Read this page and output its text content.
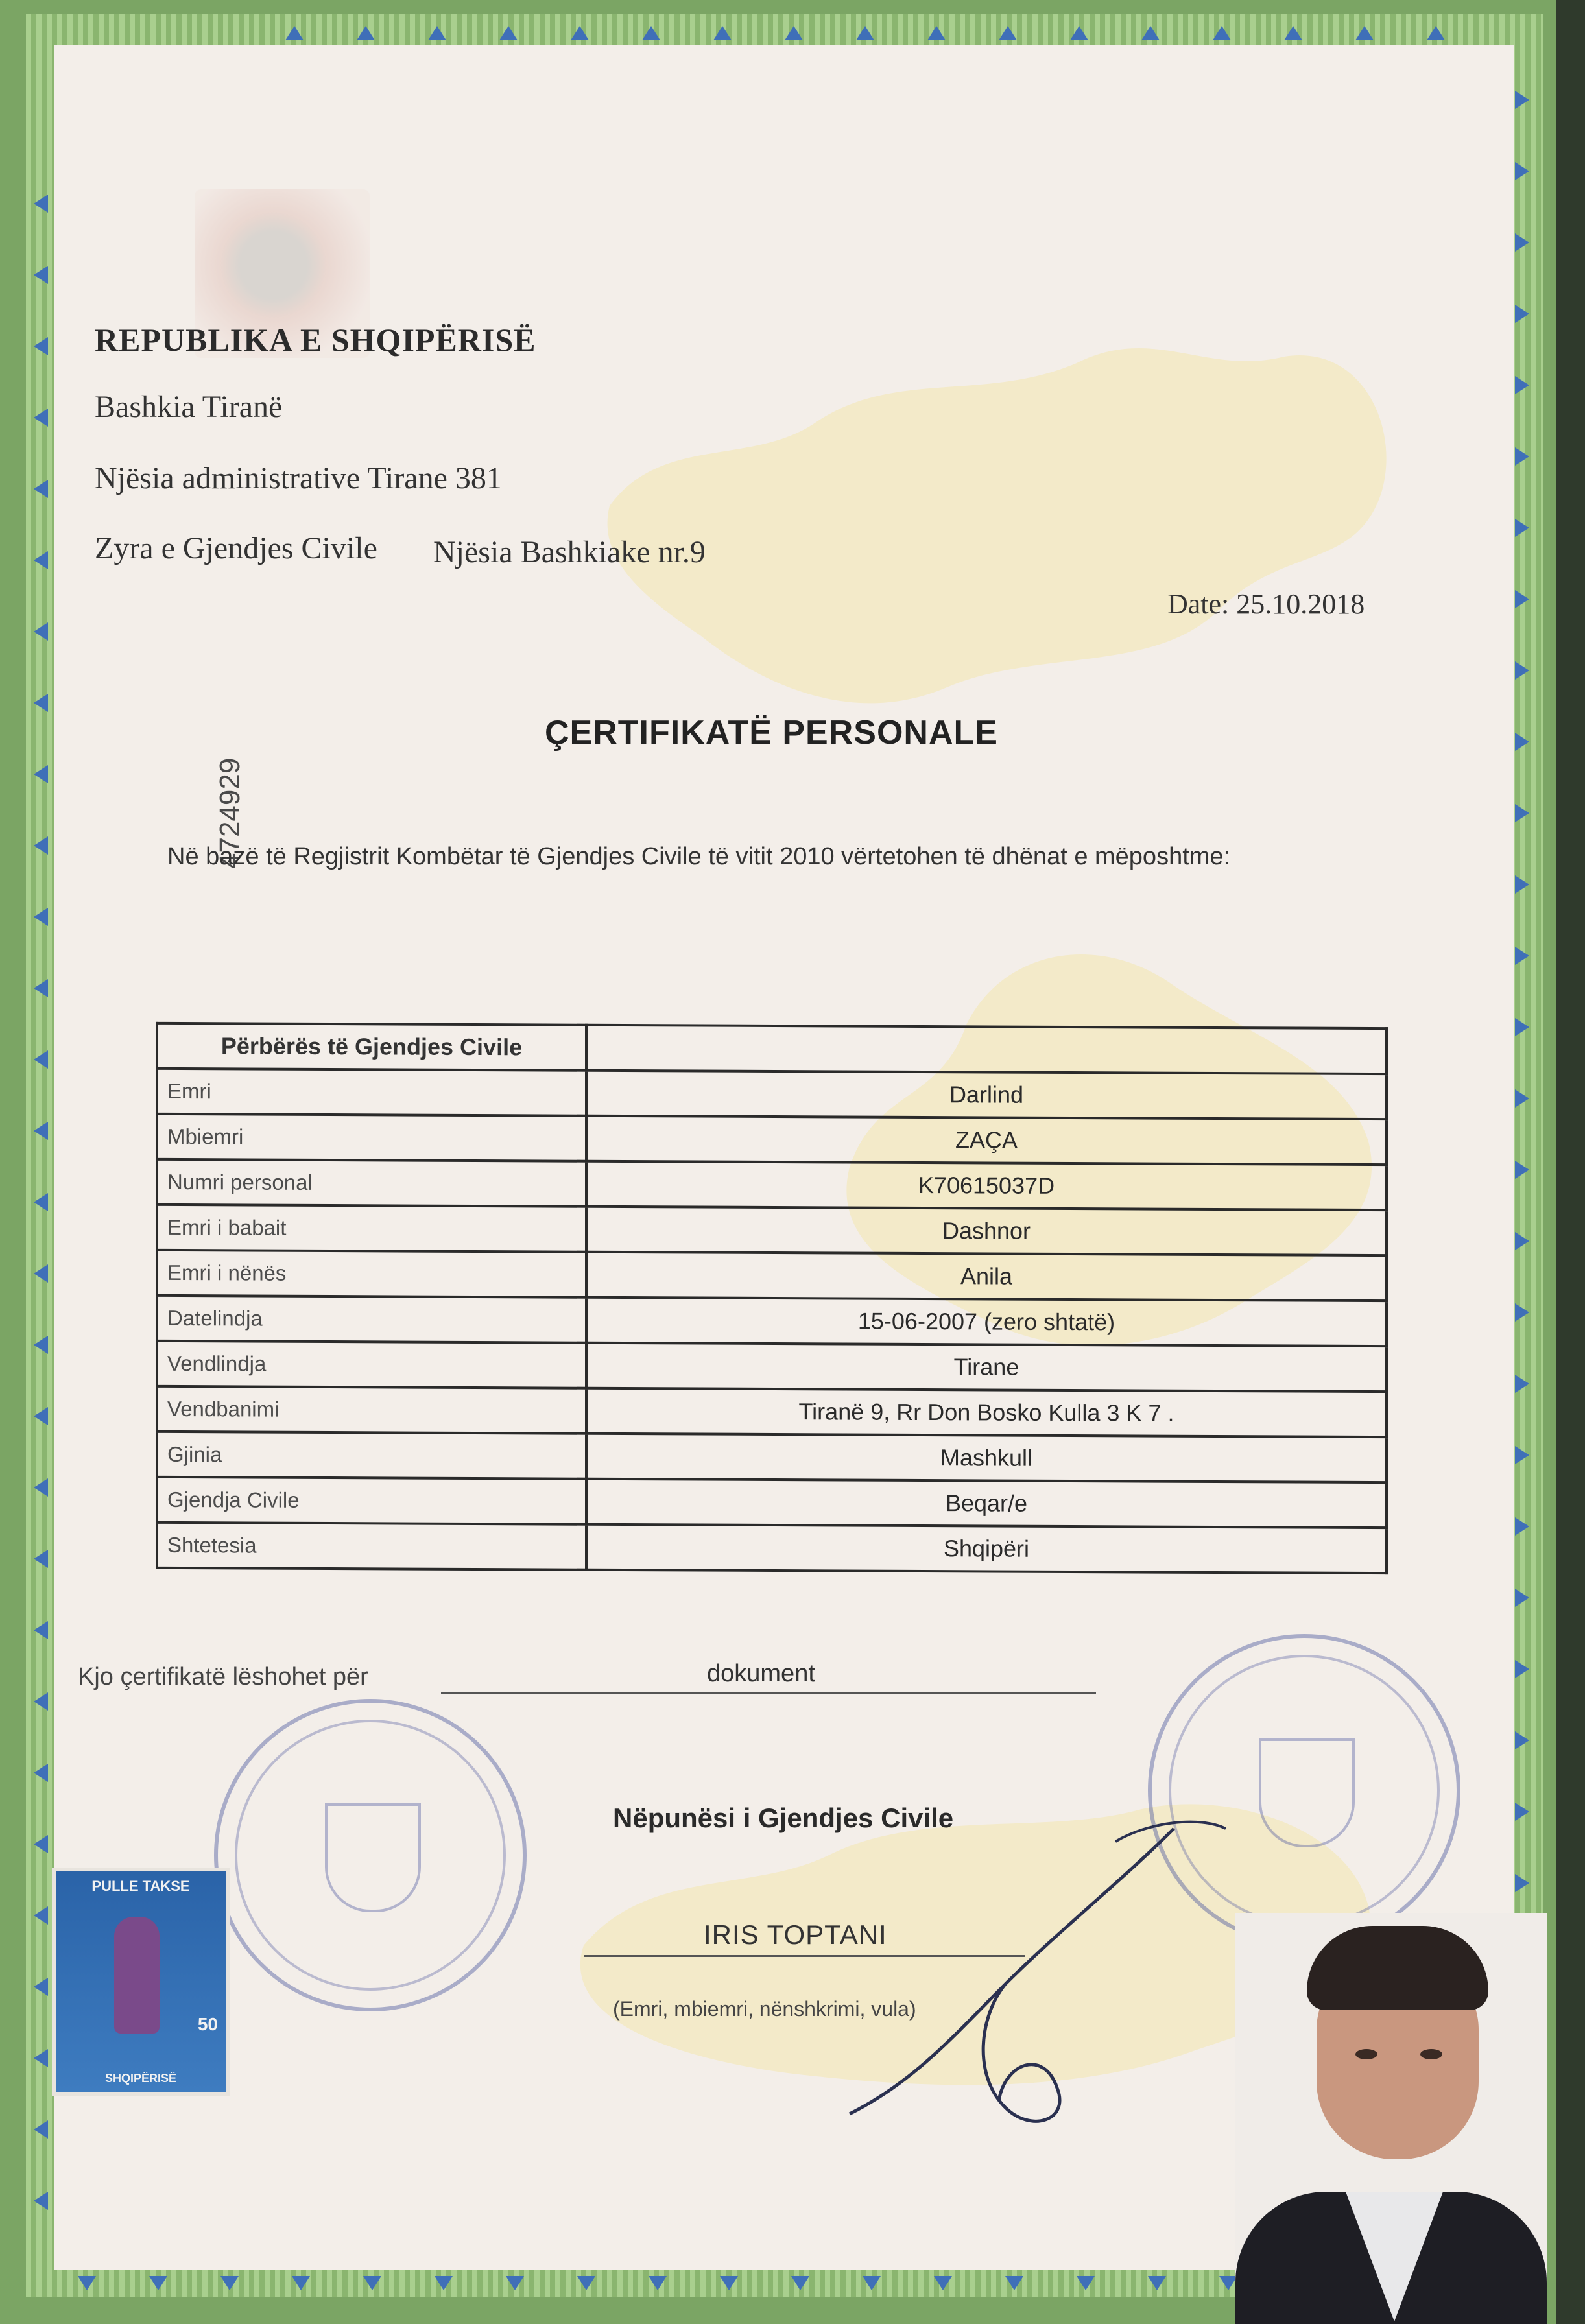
REPUBLIKA E SHQIPËRISË
Bashkia Tiranë
Njësia administrative Tirane 381
Zyra e Gjendjes Civile Njësia Bashkiake nr.9
Date: 25.10.2018
4724929
ÇERTIFIKATË PERSONALE
Në bazë të Regjistrit Kombëtar të Gjendjes Civile të vitit 2010 vërtetohen të dhënat e mëposhtme:
Përbërës të Gjendjes Civile	
Emri	Darlind
Mbiemri	ZAÇA
Numri personal	K70615037D
Emri i babait	Dashnor
Emri i nënës	Anila
Datelindja	15-06-2007 (zero shtatë)
Vendlindja	Tirane
Vendbanimi	Tiranë 9, Rr Don Bosko Kulla 3 K 7 .
Gjinia	Mashkull
Gjendja Civile	Beqar/e
Shtetesia	Shqipëri
Kjo çertifikatë lëshohet për	dokument
Nëpunësi i Gjendjes Civile
IRIS TOPTANI
(Emri, mbiemri, nënshkrimi, vula)
PULLE TAKSE
50
SHQIPËRISË
